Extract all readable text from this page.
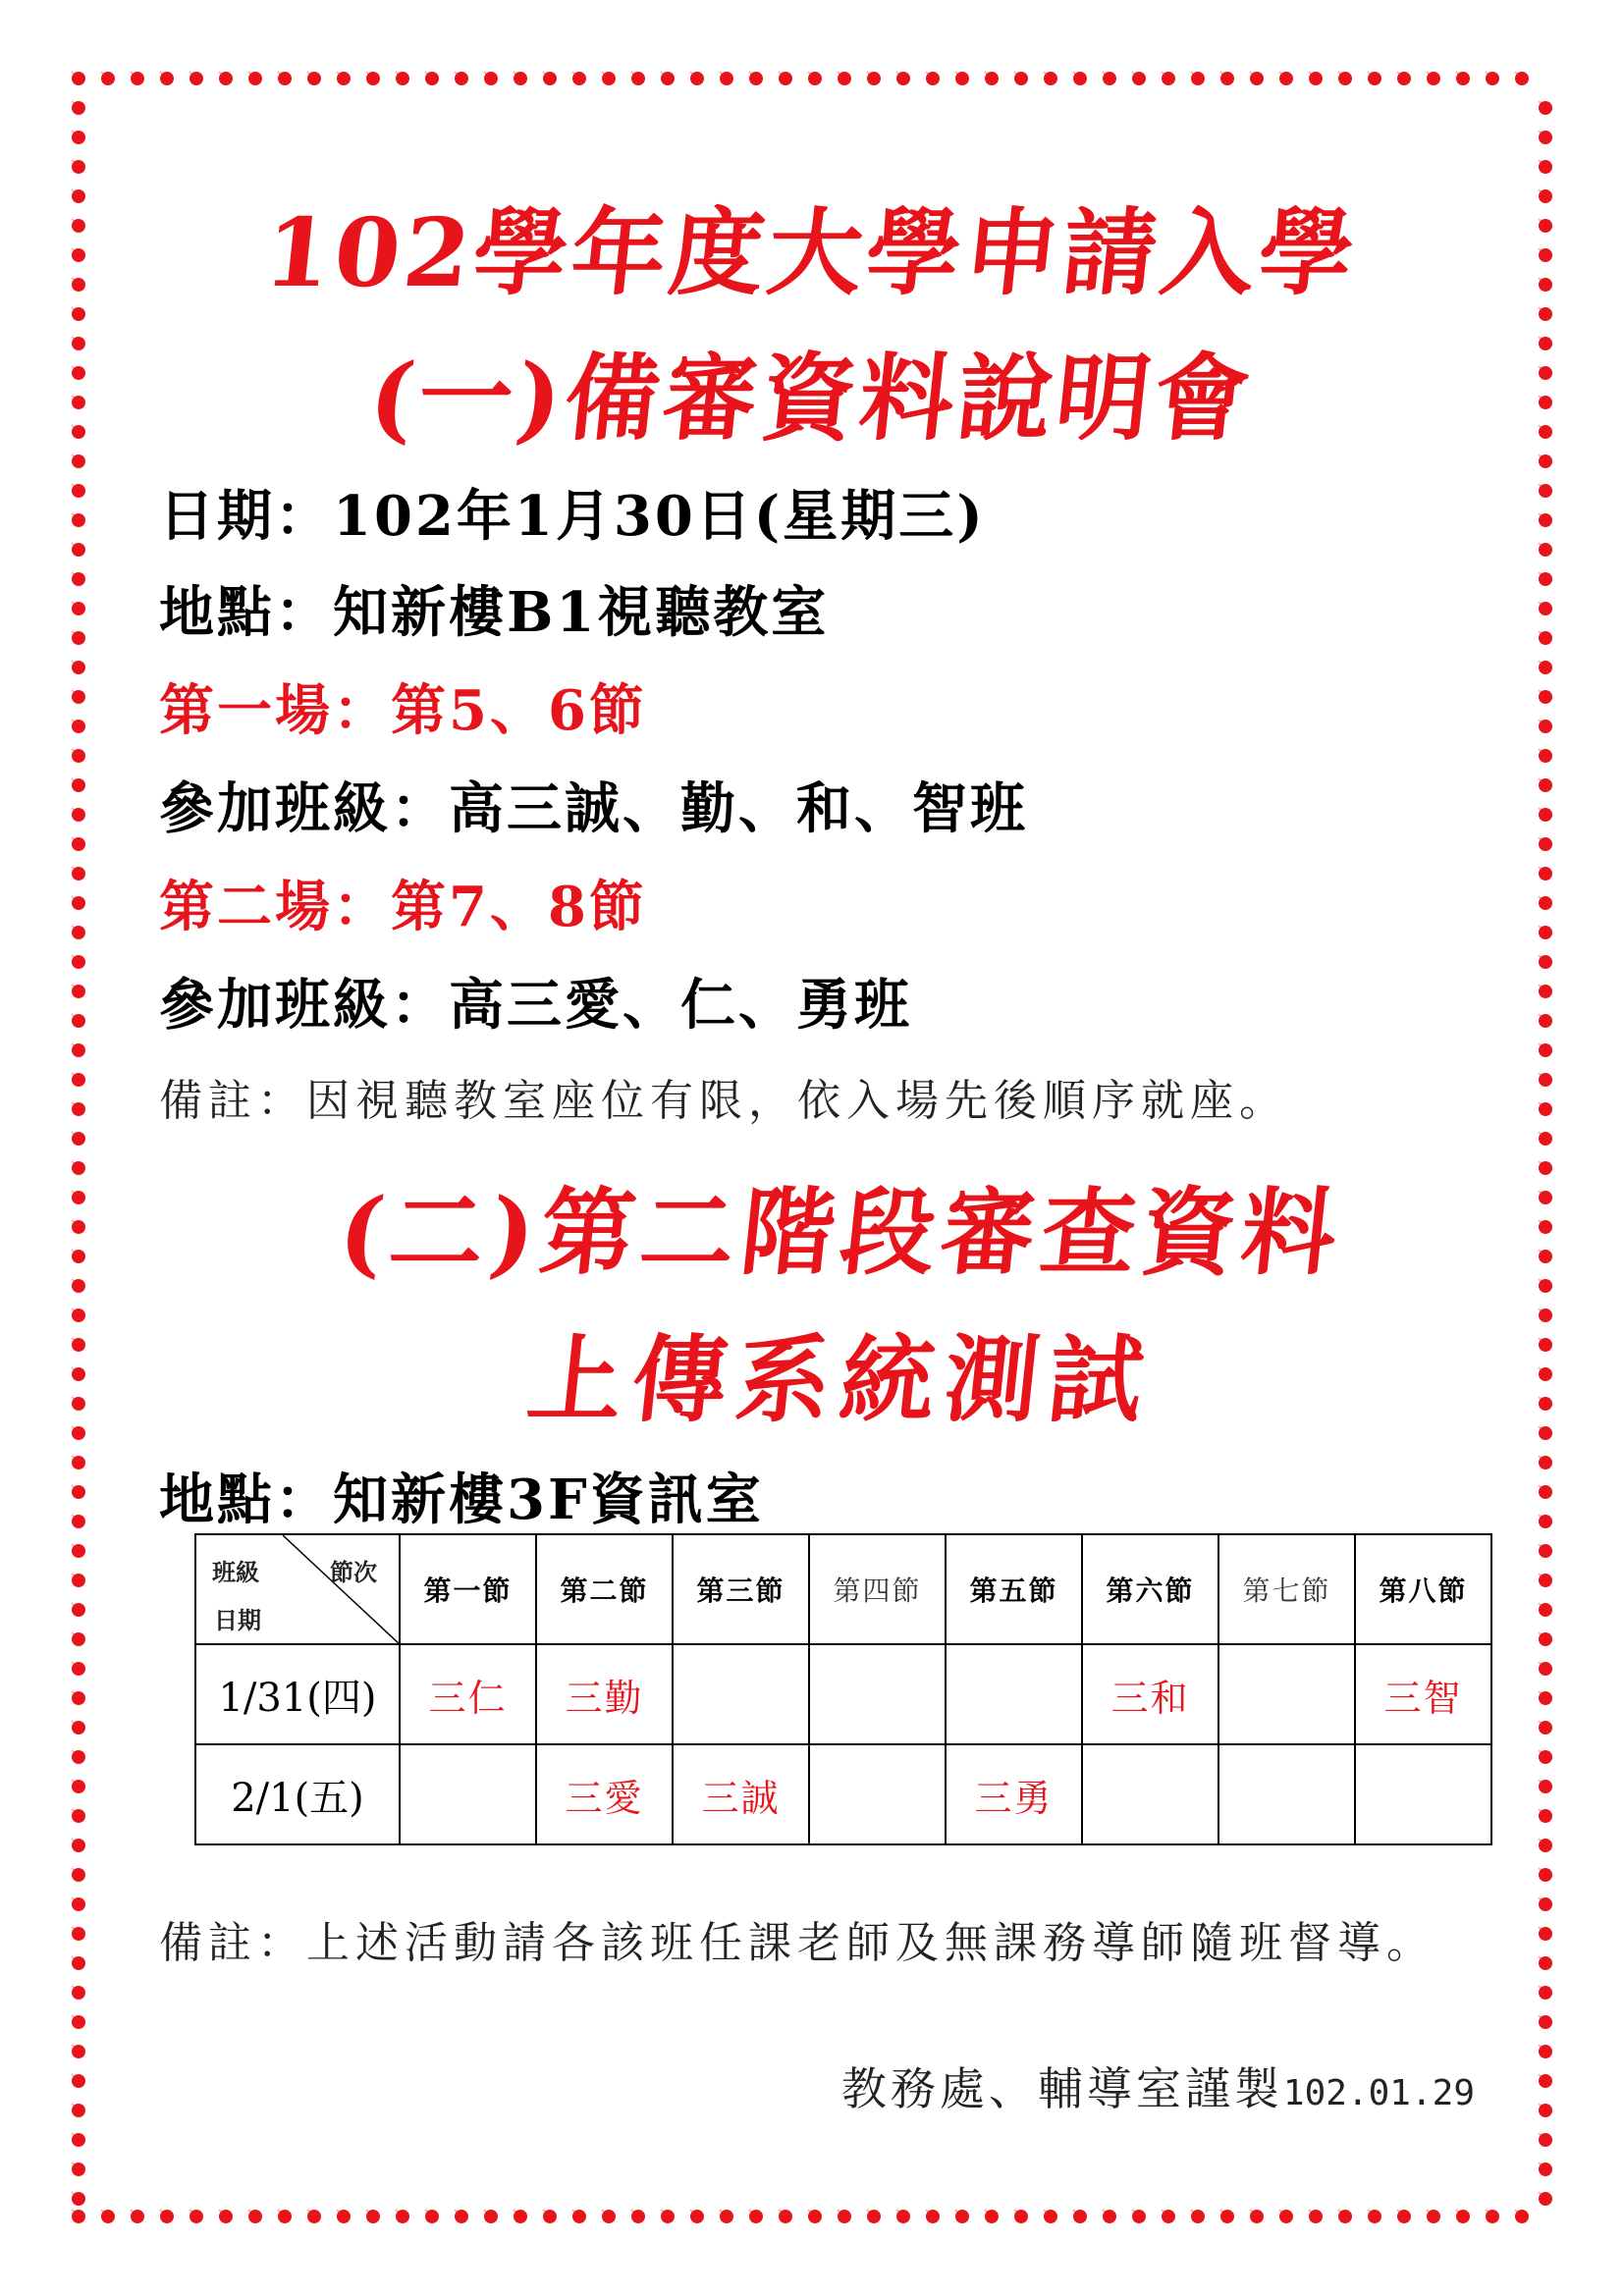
102學年度大學申請入學
(一)備審資料說明會
日期：102年1月30日(星期三)
地點：知新樓B1視聽教室
第一場：第5、6節
參加班級：高三誠、勤、和、智班
第二場：第7、8節
參加班級：高三愛、仁、勇班
備註：因視聽教室座位有限，依入場先後順序就座。
(二)第二階段審查資料
上傳系統測試
地點：知新樓3F資訊室
班級 節次
日期	第一節	第二節	第三節	第四節	第五節	第六節	第七節	第八節
1/31(四)	三仁	三勤				三和		三智
2/1(五)		三愛	三誠		三勇			
備註：上述活動請各該班任課老師及無課務導師隨班督導。
教務處、輔導室謹製102.01.29
